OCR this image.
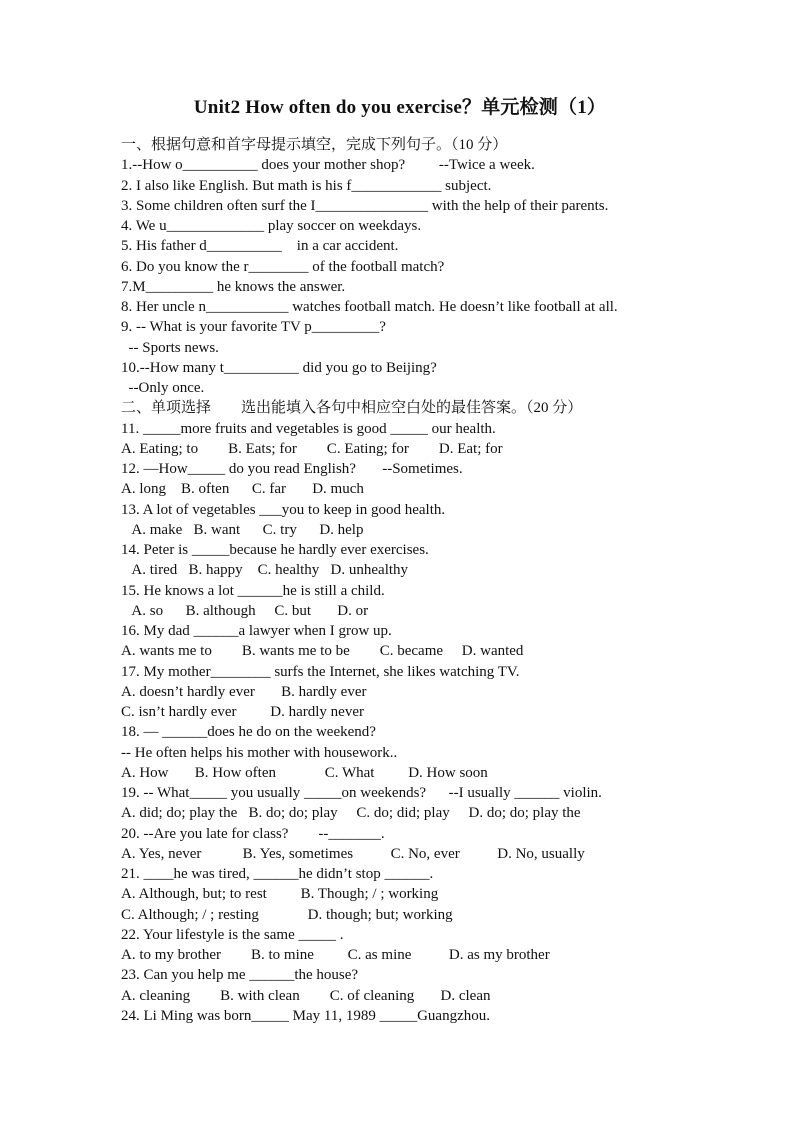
Unit2 How often do you exercise？单元检测（1）
一、根据句意和首字母提示填空，完成下列句子。（10 分）
1.--How o__________ does your mother shop?         --Twice a week.
2. I also like English. But math is his f____________ subject.
3. Some children often surf the I_______________ with the help of their parents.
4. We u_____________ play soccer on weekdays.
5. His father d__________    in a car accident.
6. Do you know the r________ of the football match?
7.M_________ he knows the answer.
8. Her uncle n___________ watches football match. He doesn’t like football at all.
9. -- What is your favorite TV p_________?
-- Sports news.
10.--How many t__________ did you go to Beijing?
--Only once.
二、单项选择        选出能填入各句中相应空白处的最佳答案。（20 分）
11. _____more fruits and vegetables is good _____ our health.
A. Eating; to        B. Eats; for        C. Eating; for        D. Eat; for
12. —How_____ do you read English?       --Sometimes.
A. long    B. often      C. far       D. much
13. A lot of vegetables ___you to keep in good health.
A. make   B. want      C. try      D. help
14. Peter is _____because he hardly ever exercises.
A. tired   B. happy    C. healthy   D. unhealthy
15. He knows a lot ______he is still a child.
A. so      B. although     C. but       D. or
16. My dad ______a lawyer when I grow up.
A. wants me to        B. wants me to be        C. became     D. wanted
17. My mother________ surfs the Internet, she likes watching TV.
A. doesn’t hardly ever       B. hardly ever
C. isn’t hardly ever         D. hardly never
18. — ______does he do on the weekend?
-- He often helps his mother with housework..
A. How       B. How often             C. What         D. How soon
19. -- What_____ you usually _____on weekends?      --I usually ______ violin.
A. did; do; play the   B. do; do; play     C. do; did; play     D. do; do; play the
20. --Are you late for class?        --_______.
A. Yes, never           B. Yes, sometimes          C. No, ever          D. No, usually
21. ____he was tired, ______he didn’t stop ______.
A. Although, but; to rest         B. Though; / ; working
C. Although; / ; resting             D. though; but; working
22. Your lifestyle is the same _____ .
A. to my brother        B. to mine         C. as mine          D. as my brother
23. Can you help me ______the house?
A. cleaning        B. with clean        C. of cleaning       D. clean
24. Li Ming was born_____ May 11, 1989 _____Guangzhou.
